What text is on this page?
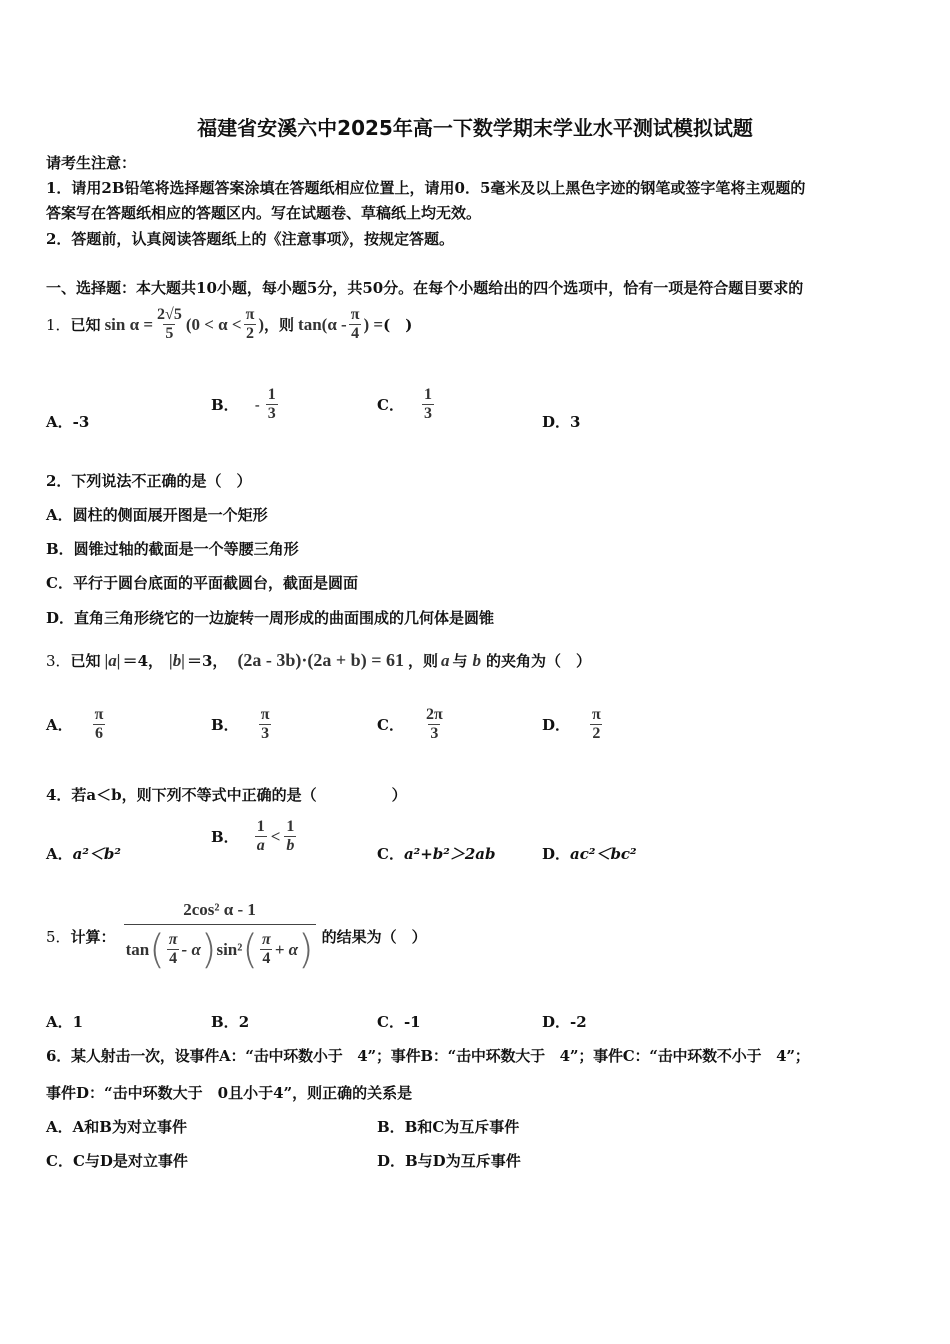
福建省安溪六中2025年高一下数学期末学业水平测试模拟试题
请考生注意：
1．请用2B铅笔将选择题答案涂填在答题纸相应位置上，请用0．5毫米及以上黑色字迹的钢笔或签字笔将主观题的
答案写在答题纸相应的答题区内。写在试题卷、草稿纸上均无效。
2．答题前，认真阅读答题纸上的《注意事项》，按规定答题。
一、选择题：本大题共10小题，每小题5分，共50分。在每个小题给出的四个选项中，恰有一项是符合题目要求的
1． 已知 $\sin \alpha = \frac{2√5}{5} (0 < \alpha < \frac{\pi}{2}$ ) ，则 $\tan(\alpha - \frac{\pi}{4}$ ) = (　)
A．-3
B． - $\frac{1}{3}$	C． $\frac{1}{3}$	D．3
2．下列说法不正确的是（　）
A．圆柱的侧面展开图是一个矩形
B．圆锥过轴的截面是一个等腰三角形
C．平行于圆台底面的平面截圆台，截面是圆面
D．直角三角形绕它的一边旋转一周形成的曲面围成的几何体是圆锥
3． 已知 |a| ＝4， |b| ＝3， (2a - 3b)·(2a + b) = 61 ，则 a 与 b 的夹角为（　）
A． $\frac{\pi}{6}$	B． $\frac{\pi}{3}$	C． $\frac{2\pi}{3}$	D． $\frac{\pi}{2}$
4．若a＜b，则下列不等式中正确的是（　　　　　）
A．a²＜b²
B． $\frac{1}{a} < \frac{1}{b}$	C．a²+b²＞2ab	D．ac²＜bc²
5． 计算：
2cos² α - 1
tan ( $\frac{\pi}{4}$ - α ) sin² ( $\frac{\pi}{4} + \alpha$ ) 的结果为（　）
A．1	B．2	C．-1	D．-2
6．某人射击一次，设事件A：“击中环数小于　4”；事件B：“击中环数大于　4”；事件C：“击中环数不小于　4”；
事件D：“击中环数大于　0且小于4”，则正确的关系是
A．A和B为对立事件	B．B和C为互斥事件
C．C与D是对立事件	D．B与D为互斥事件
